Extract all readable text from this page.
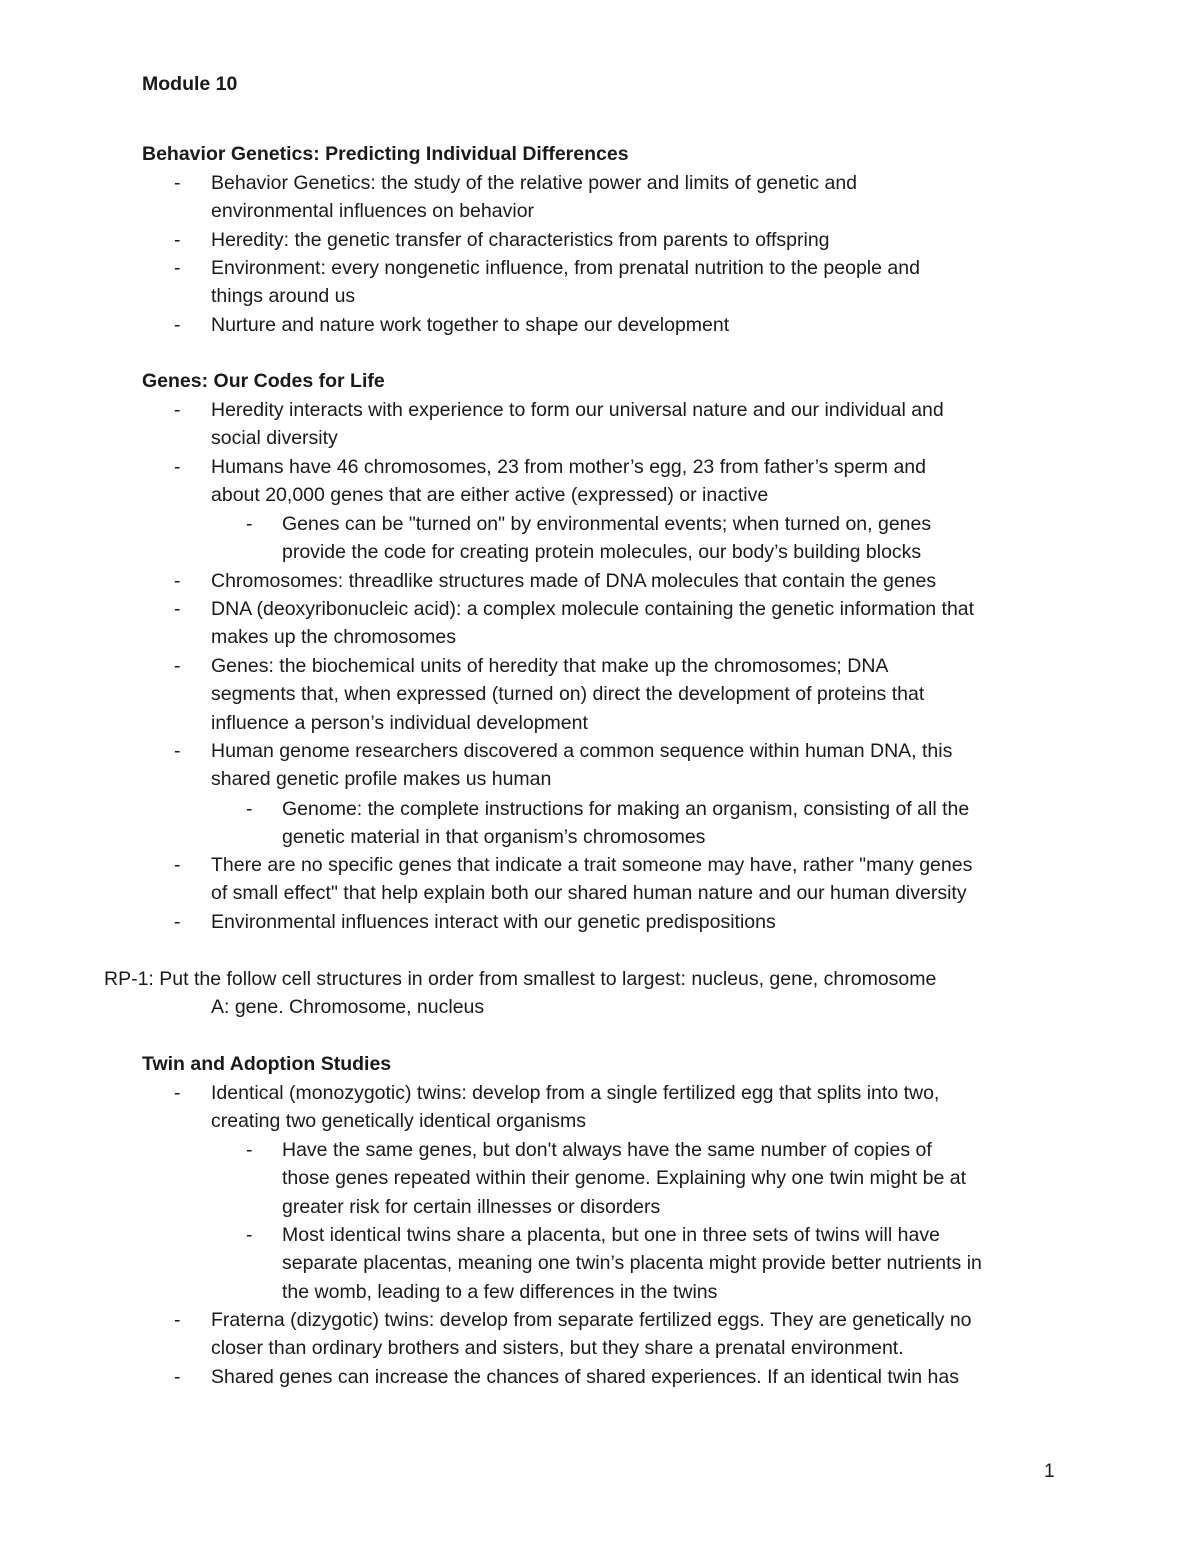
Module 10
Behavior Genetics: Predicting Individual Differences
- Behavior Genetics: the study of the relative power and limits of genetic and
environmental influences on behavior
- Heredity: the genetic transfer of characteristics from parents to offspring
- Environment: every nongenetic influence, from prenatal nutrition to the people and
things around us
- Nurture and nature work together to shape our development
Genes: Our Codes for Life
- Heredity interacts with experience to form our universal nature and our individual and
social diversity
- Humans have 46 chromosomes, 23 from mother’s egg, 23 from father’s sperm and
about 20,000 genes that are either active (expressed) or inactive
- Genes can be "turned on" by environmental events; when turned on, genes
provide the code for creating protein molecules, our body’s building blocks
- Chromosomes: threadlike structures made of DNA molecules that contain the genes
- DNA (deoxyribonucleic acid): a complex molecule containing the genetic information that
makes up the chromosomes
- Genes: the biochemical units of heredity that make up the chromosomes; DNA
segments that, when expressed (turned on) direct the development of proteins that
influence a person’s individual development
- Human genome researchers discovered a common sequence within human DNA, this
shared genetic profile makes us human
- Genome: the complete instructions for making an organism, consisting of all the
genetic material in that organism’s chromosomes
- There are no specific genes that indicate a trait someone may have, rather "many genes
of small effect" that help explain both our shared human nature and our human diversity
- Environmental influences interact with our genetic predispositions
RP-1: Put the follow cell structures in order from smallest to largest: nucleus, gene, chromosome
A: gene. Chromosome, nucleus
Twin and Adoption Studies
- Identical (monozygotic) twins: develop from a single fertilized egg that splits into two,
creating two genetically identical organisms
- Have the same genes, but don't always have the same number of copies of
those genes repeated within their genome. Explaining why one twin might be at
greater risk for certain illnesses or disorders
- Most identical twins share a placenta, but one in three sets of twins will have
separate placentas, meaning one twin’s placenta might provide better nutrients in
the womb, leading to a few differences in the twins
- Fraterna (dizygotic) twins: develop from separate fertilized eggs. They are genetically no
closer than ordinary brothers and sisters, but they share a prenatal environment.
- Shared genes can increase the chances of shared experiences. If an identical twin has
1
